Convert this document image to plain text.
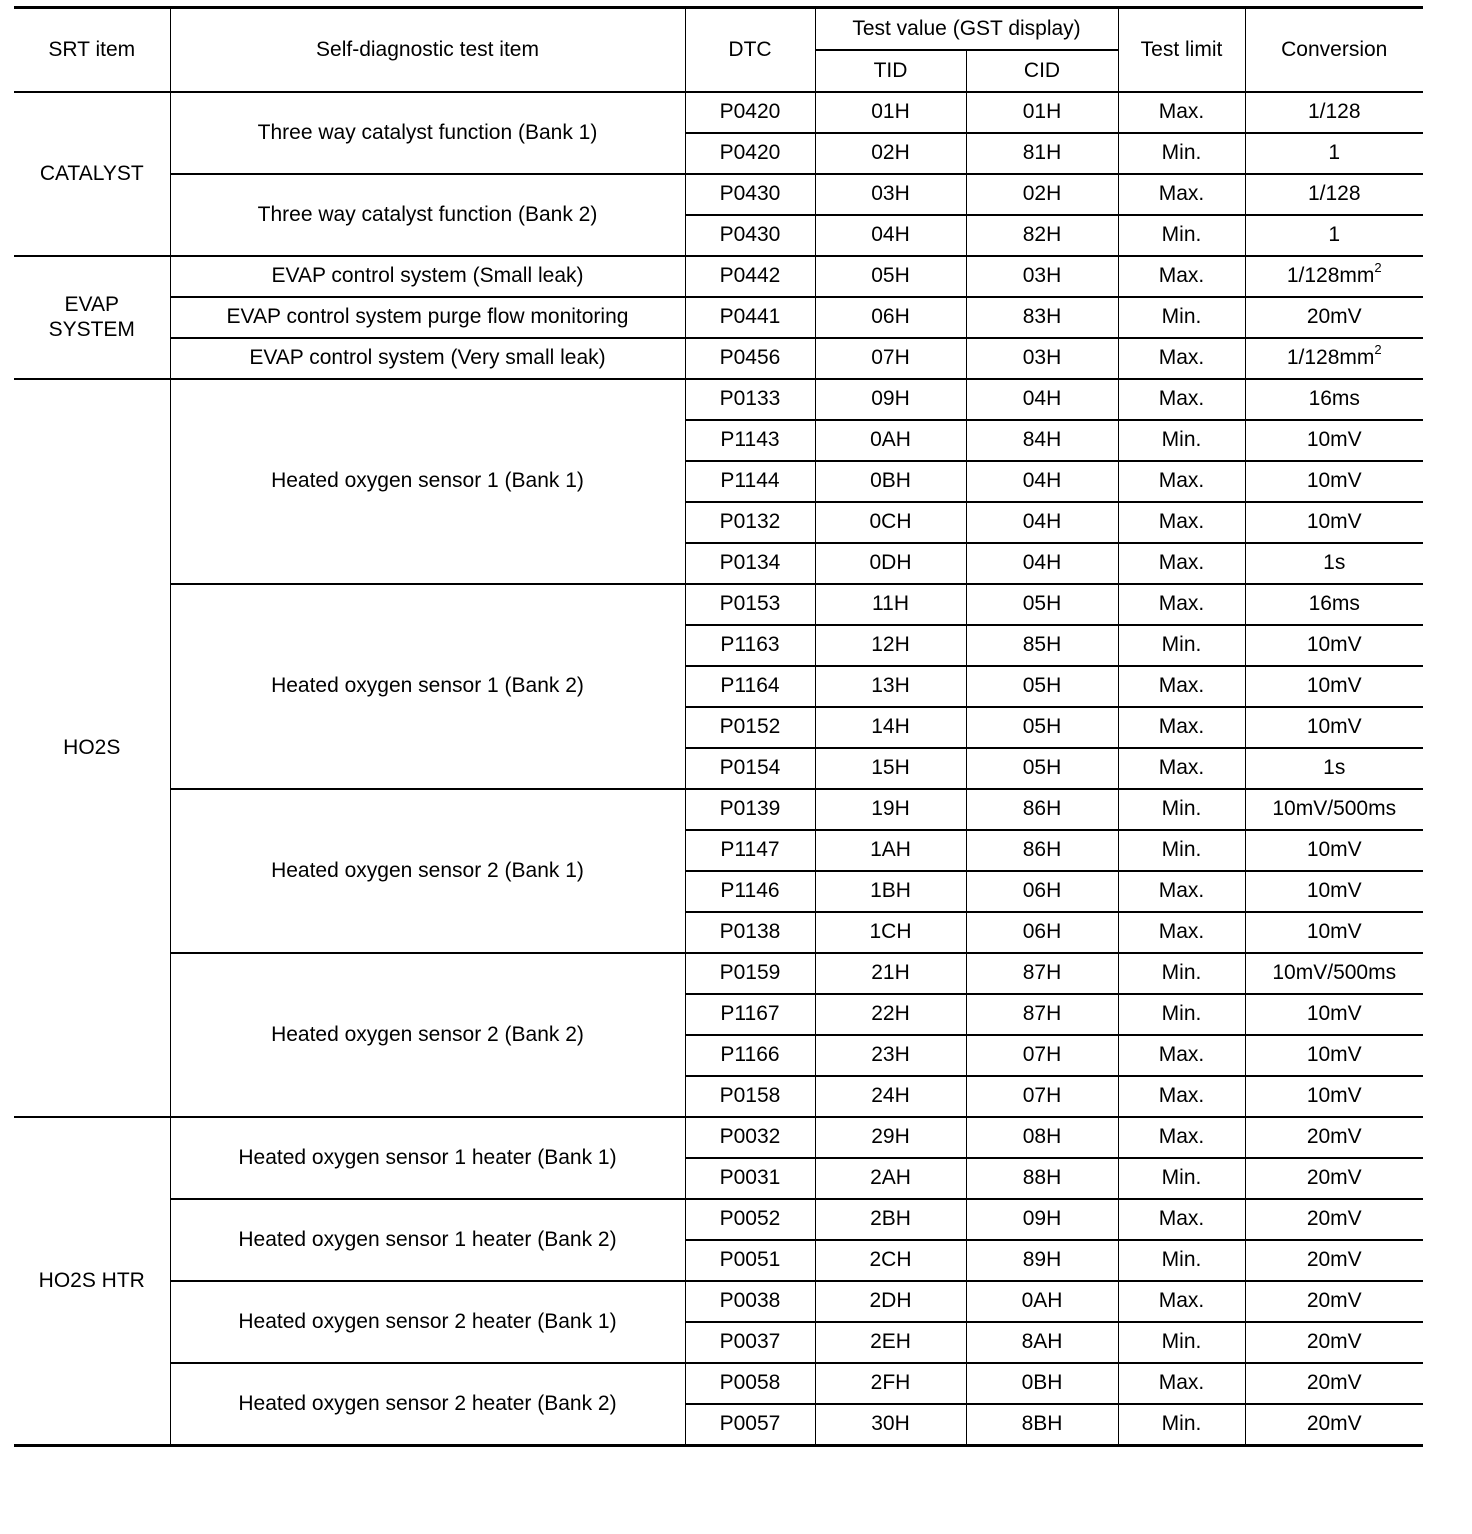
SRT item	Self-diagnostic test item	DTC	Test value (GST display)		Test limit	Conversion
			TID	CID		
CATALYST	Three way catalyst function (Bank 1)	P0420	01H	01H	Max.	1/128
		P0420	02H	81H	Min.	1
	Three way catalyst function (Bank 2)	P0430	03H	02H	Max.	1/128
		P0430	04H	82H	Min.	1
EVAP
SYSTEM	EVAP control system (Small leak)	P0442	05H	03H	Max.	$1/128mm^2$
	EVAP control system purge flow monitoring	P0441	06H	83H	Min.	20mV
	EVAP control system (Very small leak)	P0456	07H	03H	Max.	$1/128mm^2$
HO2S	Heated oxygen sensor 1 (Bank 1)	P0133	09H	04H	Max.	16ms
		P1143	0AH	84H	Min.	10mV
		P1144	0BH	04H	Max.	10mV
		P0132	0CH	04H	Max.	10mV
		P0134	0DH	04H	Max.	1s
	Heated oxygen sensor 1 (Bank 2)	P0153	11H	05H	Max.	16ms
		P1163	12H	85H	Min.	10mV
		P1164	13H	05H	Max.	10mV
		P0152	14H	05H	Max.	10mV
		P0154	15H	05H	Max.	1s
	Heated oxygen sensor 2 (Bank 1)	P0139	19H	86H	Min.	10mV/500ms
		P1147	1AH	86H	Min.	10mV
		P1146	1BH	06H	Max.	10mV
		P0138	1CH	06H	Max.	10mV
	Heated oxygen sensor 2 (Bank 2)	P0159	21H	87H	Min.	10mV/500ms
		P1167	22H	87H	Min.	10mV
		P1166	23H	07H	Max.	10mV
		P0158	24H	07H	Max.	10mV
HO2S HTR	Heated oxygen sensor 1 heater (Bank 1)	P0032	29H	08H	Max.	20mV
		P0031	2AH	88H	Min.	20mV
	Heated oxygen sensor 1 heater (Bank 2)	P0052	2BH	09H	Max.	20mV
		P0051	2CH	89H	Min.	20mV
	Heated oxygen sensor 2 heater (Bank 1)	P0038	2DH	0AH	Max.	20mV
		P0037	2EH	8AH	Min.	20mV
	Heated oxygen sensor 2 heater (Bank 2)	P0058	2FH	0BH	Max.	20mV
		P0057	30H	8BH	Min.	20mV
